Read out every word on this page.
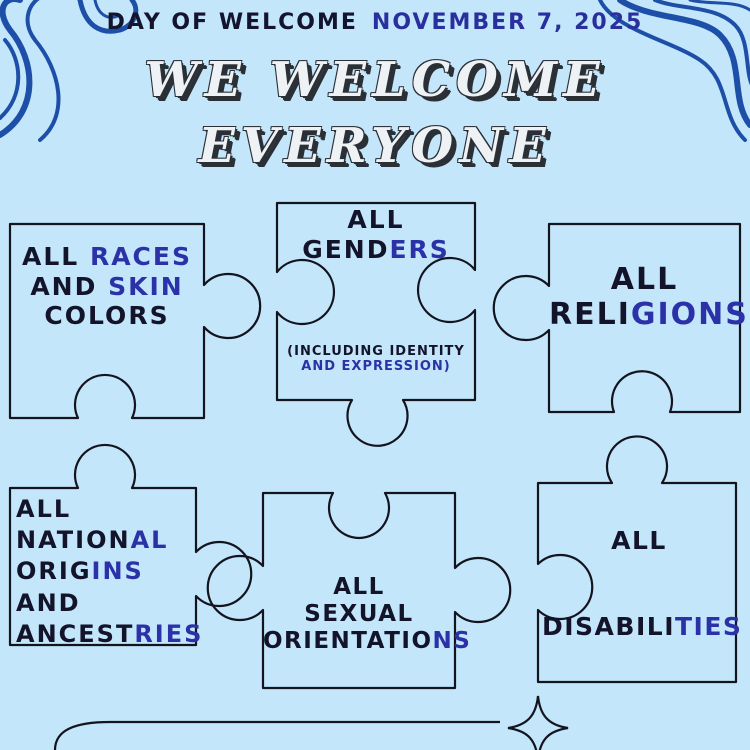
DAY OF WELCOME NOVEMBER 7, 2025
WE WELCOME
EVERYONE
ALL RACES
AND SKIN
COLORS
ALL
GENDERS
(INCLUDING IDENTITY
AND EXPRESSION)
ALL
RELIGIONS
ALL
NATIONAL
ORIGINS
AND
ANCESTRIES
ALL
SEXUAL
ORIENTATIONS
ALL
DISABILITIES
